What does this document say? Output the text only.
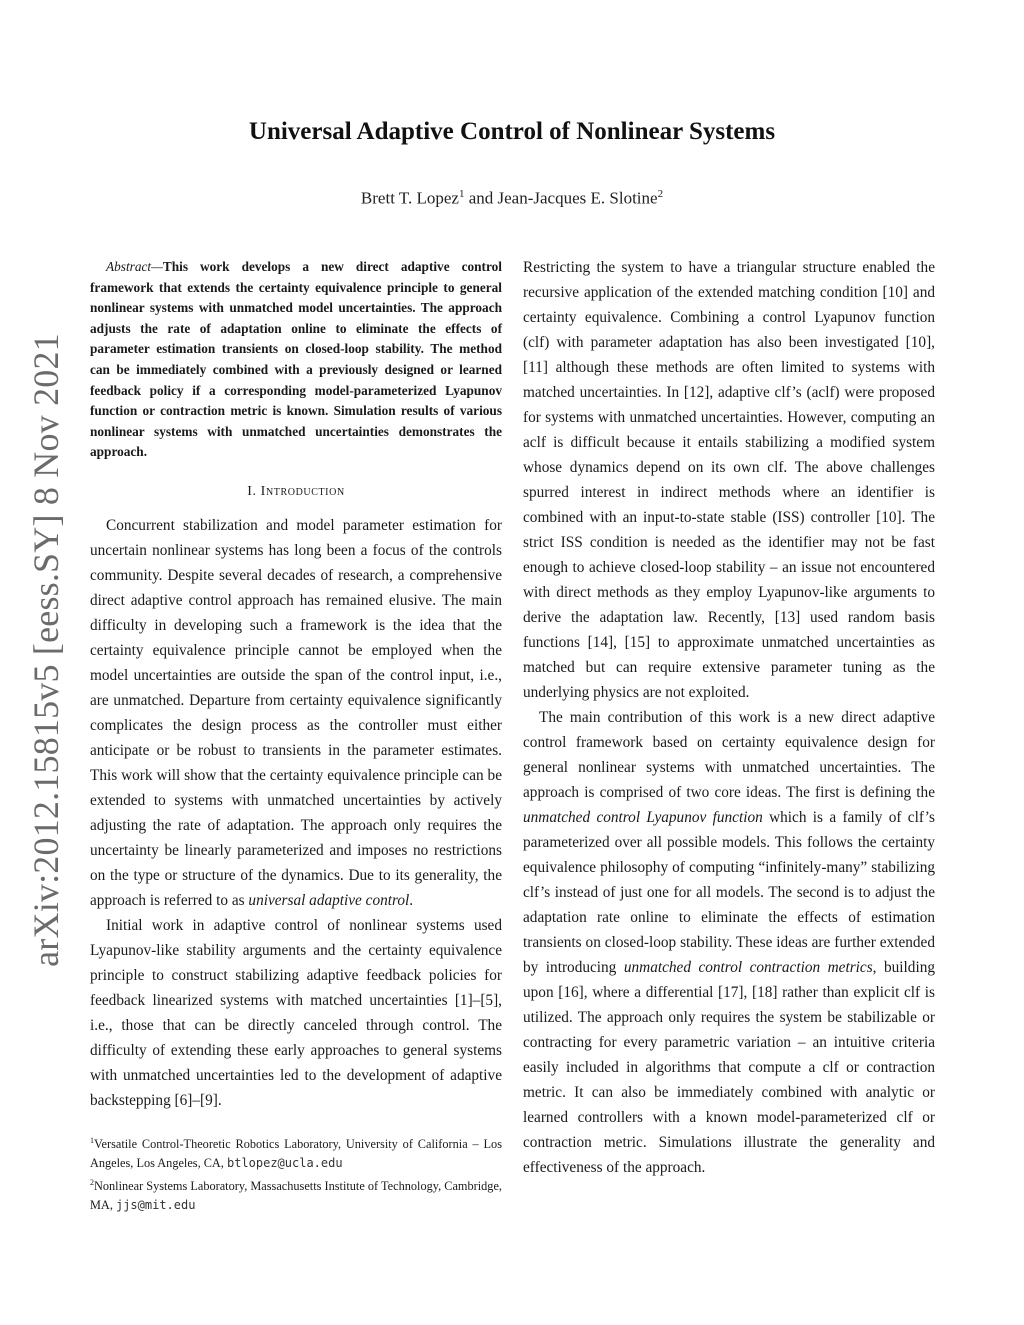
arXiv:2012.15815v5 [eess.SY] 8 Nov 2021
Universal Adaptive Control of Nonlinear Systems
Brett T. Lopez$^1$ and Jean-Jacques E. Slotine$^2$

Abstract—This work develops a new direct adaptive control framework that extends the certainty equivalence principle to general nonlinear systems with unmatched model uncertainties. The approach adjusts the rate of adaptation online to eliminate the effects of parameter estimation transients on closed-loop stability. The method can be immediately combined with a previously designed or learned feedback policy if a corresponding model-parameterized Lyapunov function or contraction metric is known. Simulation results of various nonlinear systems with unmatched uncertainties demonstrates the approach.

I. Introduction

Concurrent stabilization and model parameter estimation for uncertain nonlinear systems has long been a focus of the controls community. Despite several decades of research, a comprehensive direct adaptive control approach has remained elusive. The main difficulty in developing such a framework is the idea that the certainty equivalence principle cannot be employed when the model uncertainties are outside the span of the control input, i.e., are unmatched. Departure from certainty equivalence significantly complicates the design process as the controller must either anticipate or be robust to transients in the parameter estimates. This work will show that the certainty equivalence principle can be extended to systems with unmatched uncertainties by actively adjusting the rate of adaptation. The approach only requires the uncertainty be linearly parameterized and imposes no restrictions on the type or structure of the dynamics. Due to its generality, the approach is referred to as universal adaptive control.

Initial work in adaptive control of nonlinear systems used Lyapunov-like stability arguments and the certainty equivalence principle to construct stabilizing adaptive feedback policies for feedback linearized systems with matched uncertainties [1]–[5], i.e., those that can be directly canceled through control. The difficulty of extending these early approaches to general systems with unmatched uncertainties led to the development of adaptive backstepping [6]–[9].

$^1$Versatile Control-Theoretic Robotics Laboratory, University of California – Los Angeles, Los Angeles, CA, btlopez@ucla.edu

$^2$Nonlinear Systems Laboratory, Massachusetts Institute of Technology, Cambridge, MA, jjs@mit.edu

Restricting the system to have a triangular structure enabled the recursive application of the extended matching condition [10] and certainty equivalence. Combining a control Lyapunov function (clf) with parameter adaptation has also been investigated [10], [11] although these methods are often limited to systems with matched uncertainties. In [12], adaptive clf’s (aclf) were proposed for systems with unmatched uncertainties. However, computing an aclf is difficult because it entails stabilizing a modified system whose dynamics depend on its own clf. The above challenges spurred interest in indirect methods where an identifier is combined with an input-to-state stable (ISS) controller [10]. The strict ISS condition is needed as the identifier may not be fast enough to achieve closed-loop stability – an issue not encountered with direct methods as they employ Lyapunov-like arguments to derive the adaptation law. Recently, [13] used random basis functions [14], [15] to approximate unmatched uncertainties as matched but can require extensive parameter tuning as the underlying physics are not exploited.

The main contribution of this work is a new direct adaptive control framework based on certainty equivalence design for general nonlinear systems with unmatched uncertainties. The approach is comprised of two core ideas. The first is defining the unmatched control Lyapunov function which is a family of clf’s parameterized over all possible models. This follows the certainty equivalence philosophy of computing “infinitely-many” stabilizing clf’s instead of just one for all models. The second is to adjust the adaptation rate online to eliminate the effects of estimation transients on closed-loop stability. These ideas are further extended by introducing unmatched control contraction metrics, building upon [16], where a differential [17], [18] rather than explicit clf is utilized. The approach only requires the system be stabilizable or contracting for every parametric variation – an intuitive criteria easily included in algorithms that compute a clf or contraction metric. It can also be immediately combined with analytic or learned controllers with a known model-parameterized clf or contraction metric. Simulations illustrate the generality and effectiveness of the approach.
